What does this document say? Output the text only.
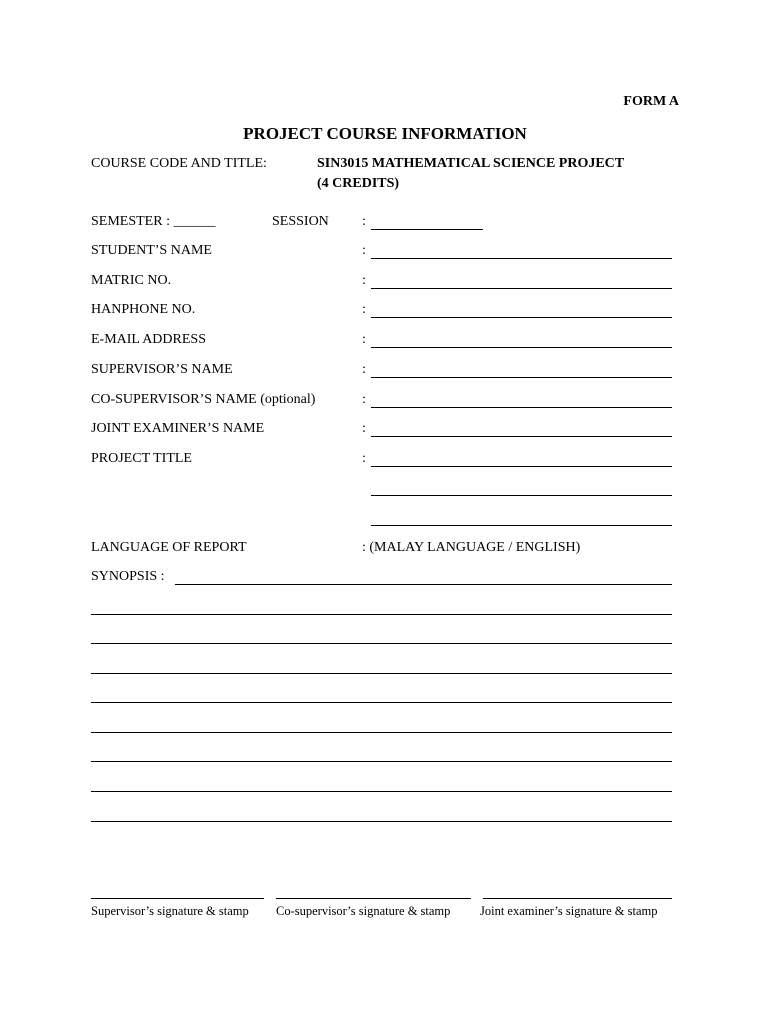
FORM A
PROJECT COURSE INFORMATION
COURSE CODE AND TITLE:	SIN3015 MATHEMATICAL SCIENCE PROJECT
(4 CREDITS)
SEMESTER : ______	SESSION :
STUDENT’S NAME	:
MATRIC NO.	:
HANPHONE NO.	:
E-MAIL ADDRESS	:
SUPERVISOR’S NAME	:
CO-SUPERVISOR’S NAME (optional)	:
JOINT EXAMINER’S NAME	:
PROJECT TITLE	:
LANGUAGE OF REPORT	: (MALAY LANGUAGE / ENGLISH)
SYNOPSIS :
Supervisor’s signature & stamp Co-supervisor’s signature & stamp Joint examiner’s signature & stamp
